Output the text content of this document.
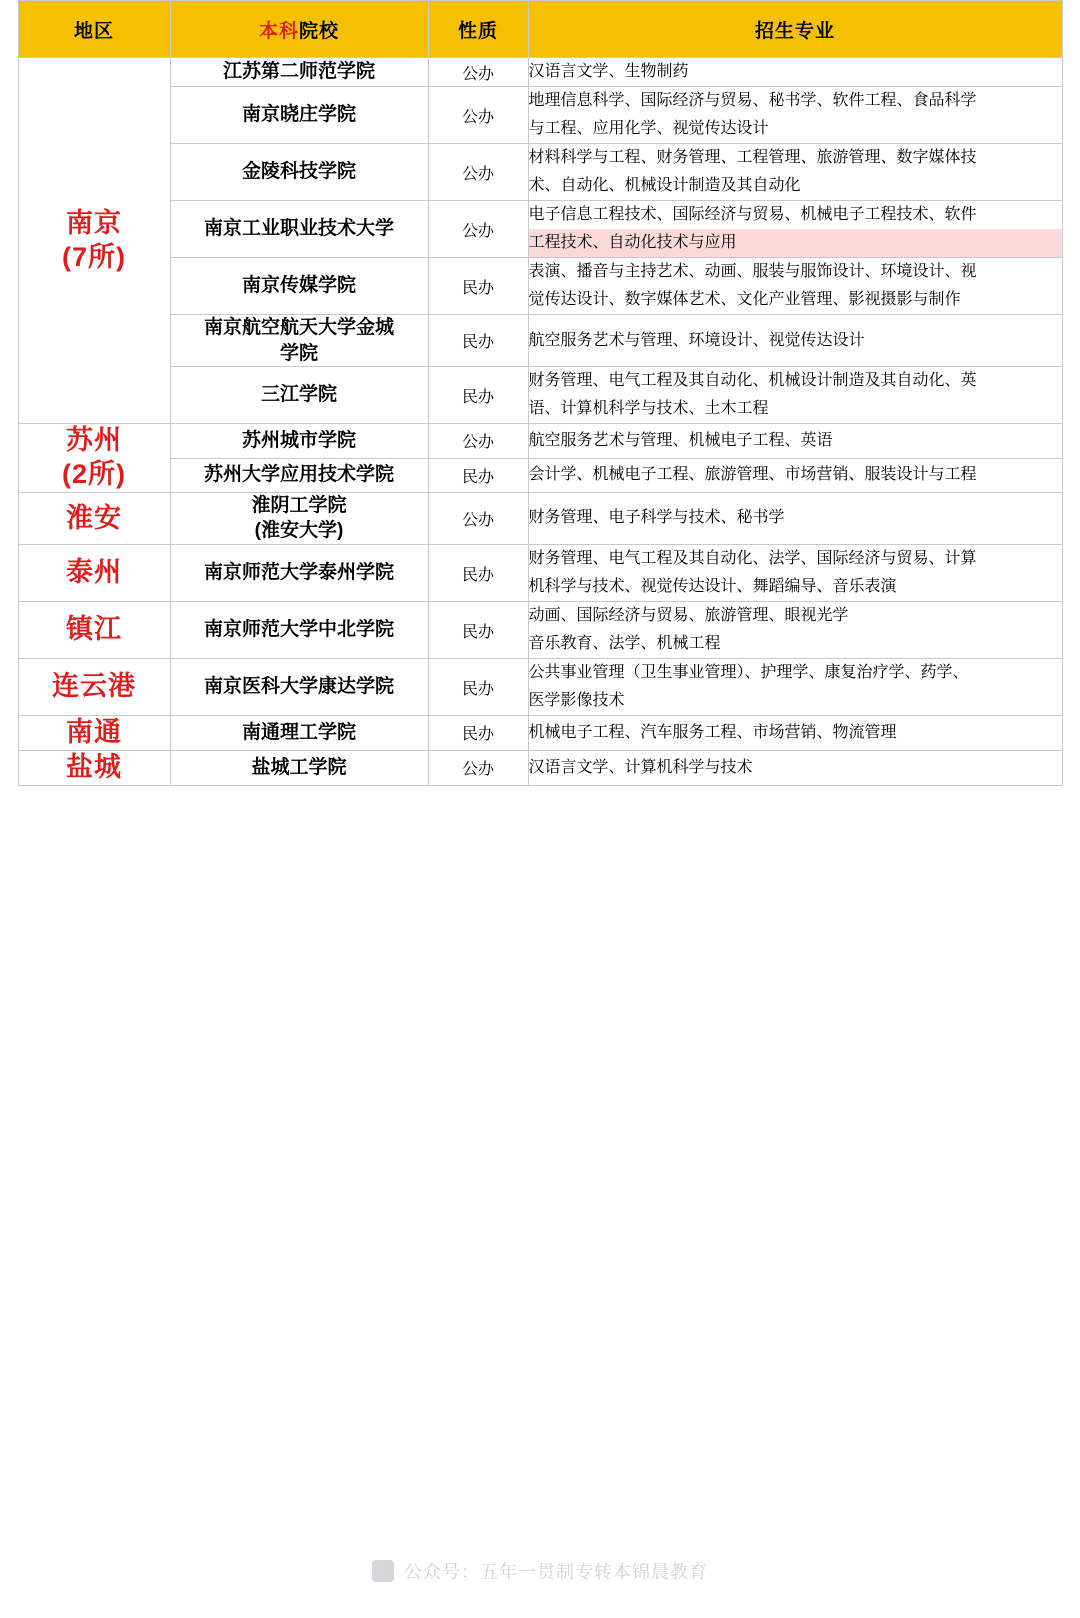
地区	本科院校	性质	招生专业
南京
(7所)	江苏第二师范学院	公办	汉语言文学、生物制药

	南京晓庄学院	公办	地理信息科学、国际经济与贸易、秘书学、软件工程、食品科学
与工程、应用化学、视觉传达设计

	金陵科技学院	公办	材料科学与工程、财务管理、工程管理、旅游管理、数字媒体技
术、自动化、机械设计制造及其自动化

	南京工业职业技术大学	公办	电子信息工程技术、国际经济与贸易、机械电子工程技术、软件
工程技术、自动化技术与应用

	南京传媒学院	民办	表演、播音与主持艺术、动画、服装与服饰设计、环境设计、视
觉传达设计、数字媒体艺术、文化产业管理、影视摄影与制作

	南京航空航天大学金城
学院	民办	航空服务艺术与管理、环境设计、视觉传达设计

	三江学院	民办	财务管理、电气工程及其自动化、机械设计制造及其自动化、英
语、计算机科学与技术、土木工程

苏州
(2所)	苏州城市学院	公办	航空服务艺术与管理、机械电子工程、英语

	苏州大学应用技术学院	民办	会计学、机械电子工程、旅游管理、市场营销、服装设计与工程

淮安	淮阴工学院
(淮安大学)	公办	财务管理、电子科学与技术、秘书学

泰州	南京师范大学泰州学院	民办	财务管理、电气工程及其自动化、法学、国际经济与贸易、计算
机科学与技术、视觉传达设计、舞蹈编导、音乐表演

镇江	南京师范大学中北学院	民办	动画、国际经济与贸易、旅游管理、眼视光学
音乐教育、法学、机械工程

连云港	南京医科大学康达学院	民办	公共事业管理（卫生事业管理）、护理学、康复治疗学、药学、
医学影像技术

南通	南通理工学院	民办	机械电子工程、汽车服务工程、市场营销、物流管理

盐城	盐城工学院	公办	汉语言文学、计算机科学与技术
公众号：五年一贯制专转本锦晨教育
